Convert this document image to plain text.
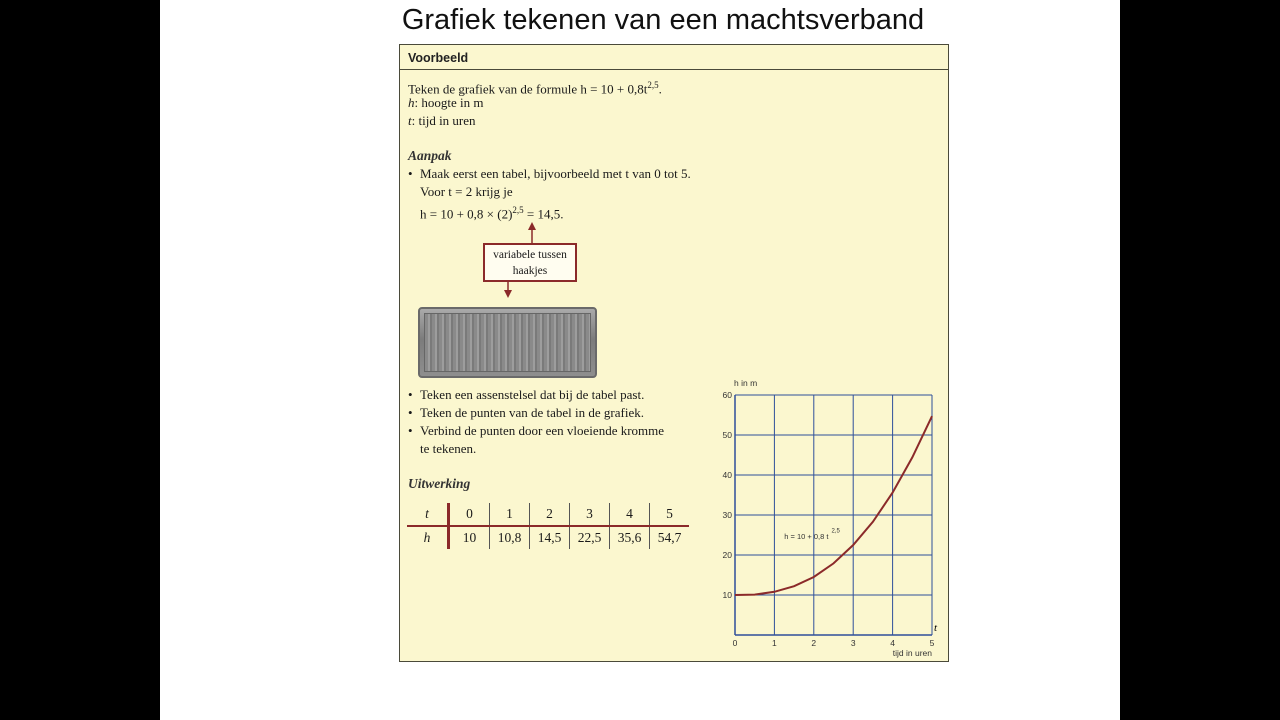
Grafiek tekenen van een machtsverband
Voorbeeld
Teken de grafiek van de formule $h = 10 + 0,8t^{2,5}$.
h: hoogte in m
t: tijd in uren
Aanpak
• Maak eerst een tabel, bijvoorbeeld met t van 0 tot 5.
Voor t = 2 krijg je
$h = 10 + 0,8 \times (2)^{2,5} = 14,5$.
variabele tussen haakjes
• Teken een assenstelsel dat bij de tabel past.
• Teken de punten van de tabel in de grafiek.
• Verbind de punten door een vloeiende kromme te tekenen.
Uitwerking
t	0	1	2	3	4	5
h	10	10,8	14,5	22,5	35,6	54,7
0	1	2	3	4	5
10
20
30
40
50
60
h in m
t
tijd in uren
h = 10 + 0,8 t
2,5
